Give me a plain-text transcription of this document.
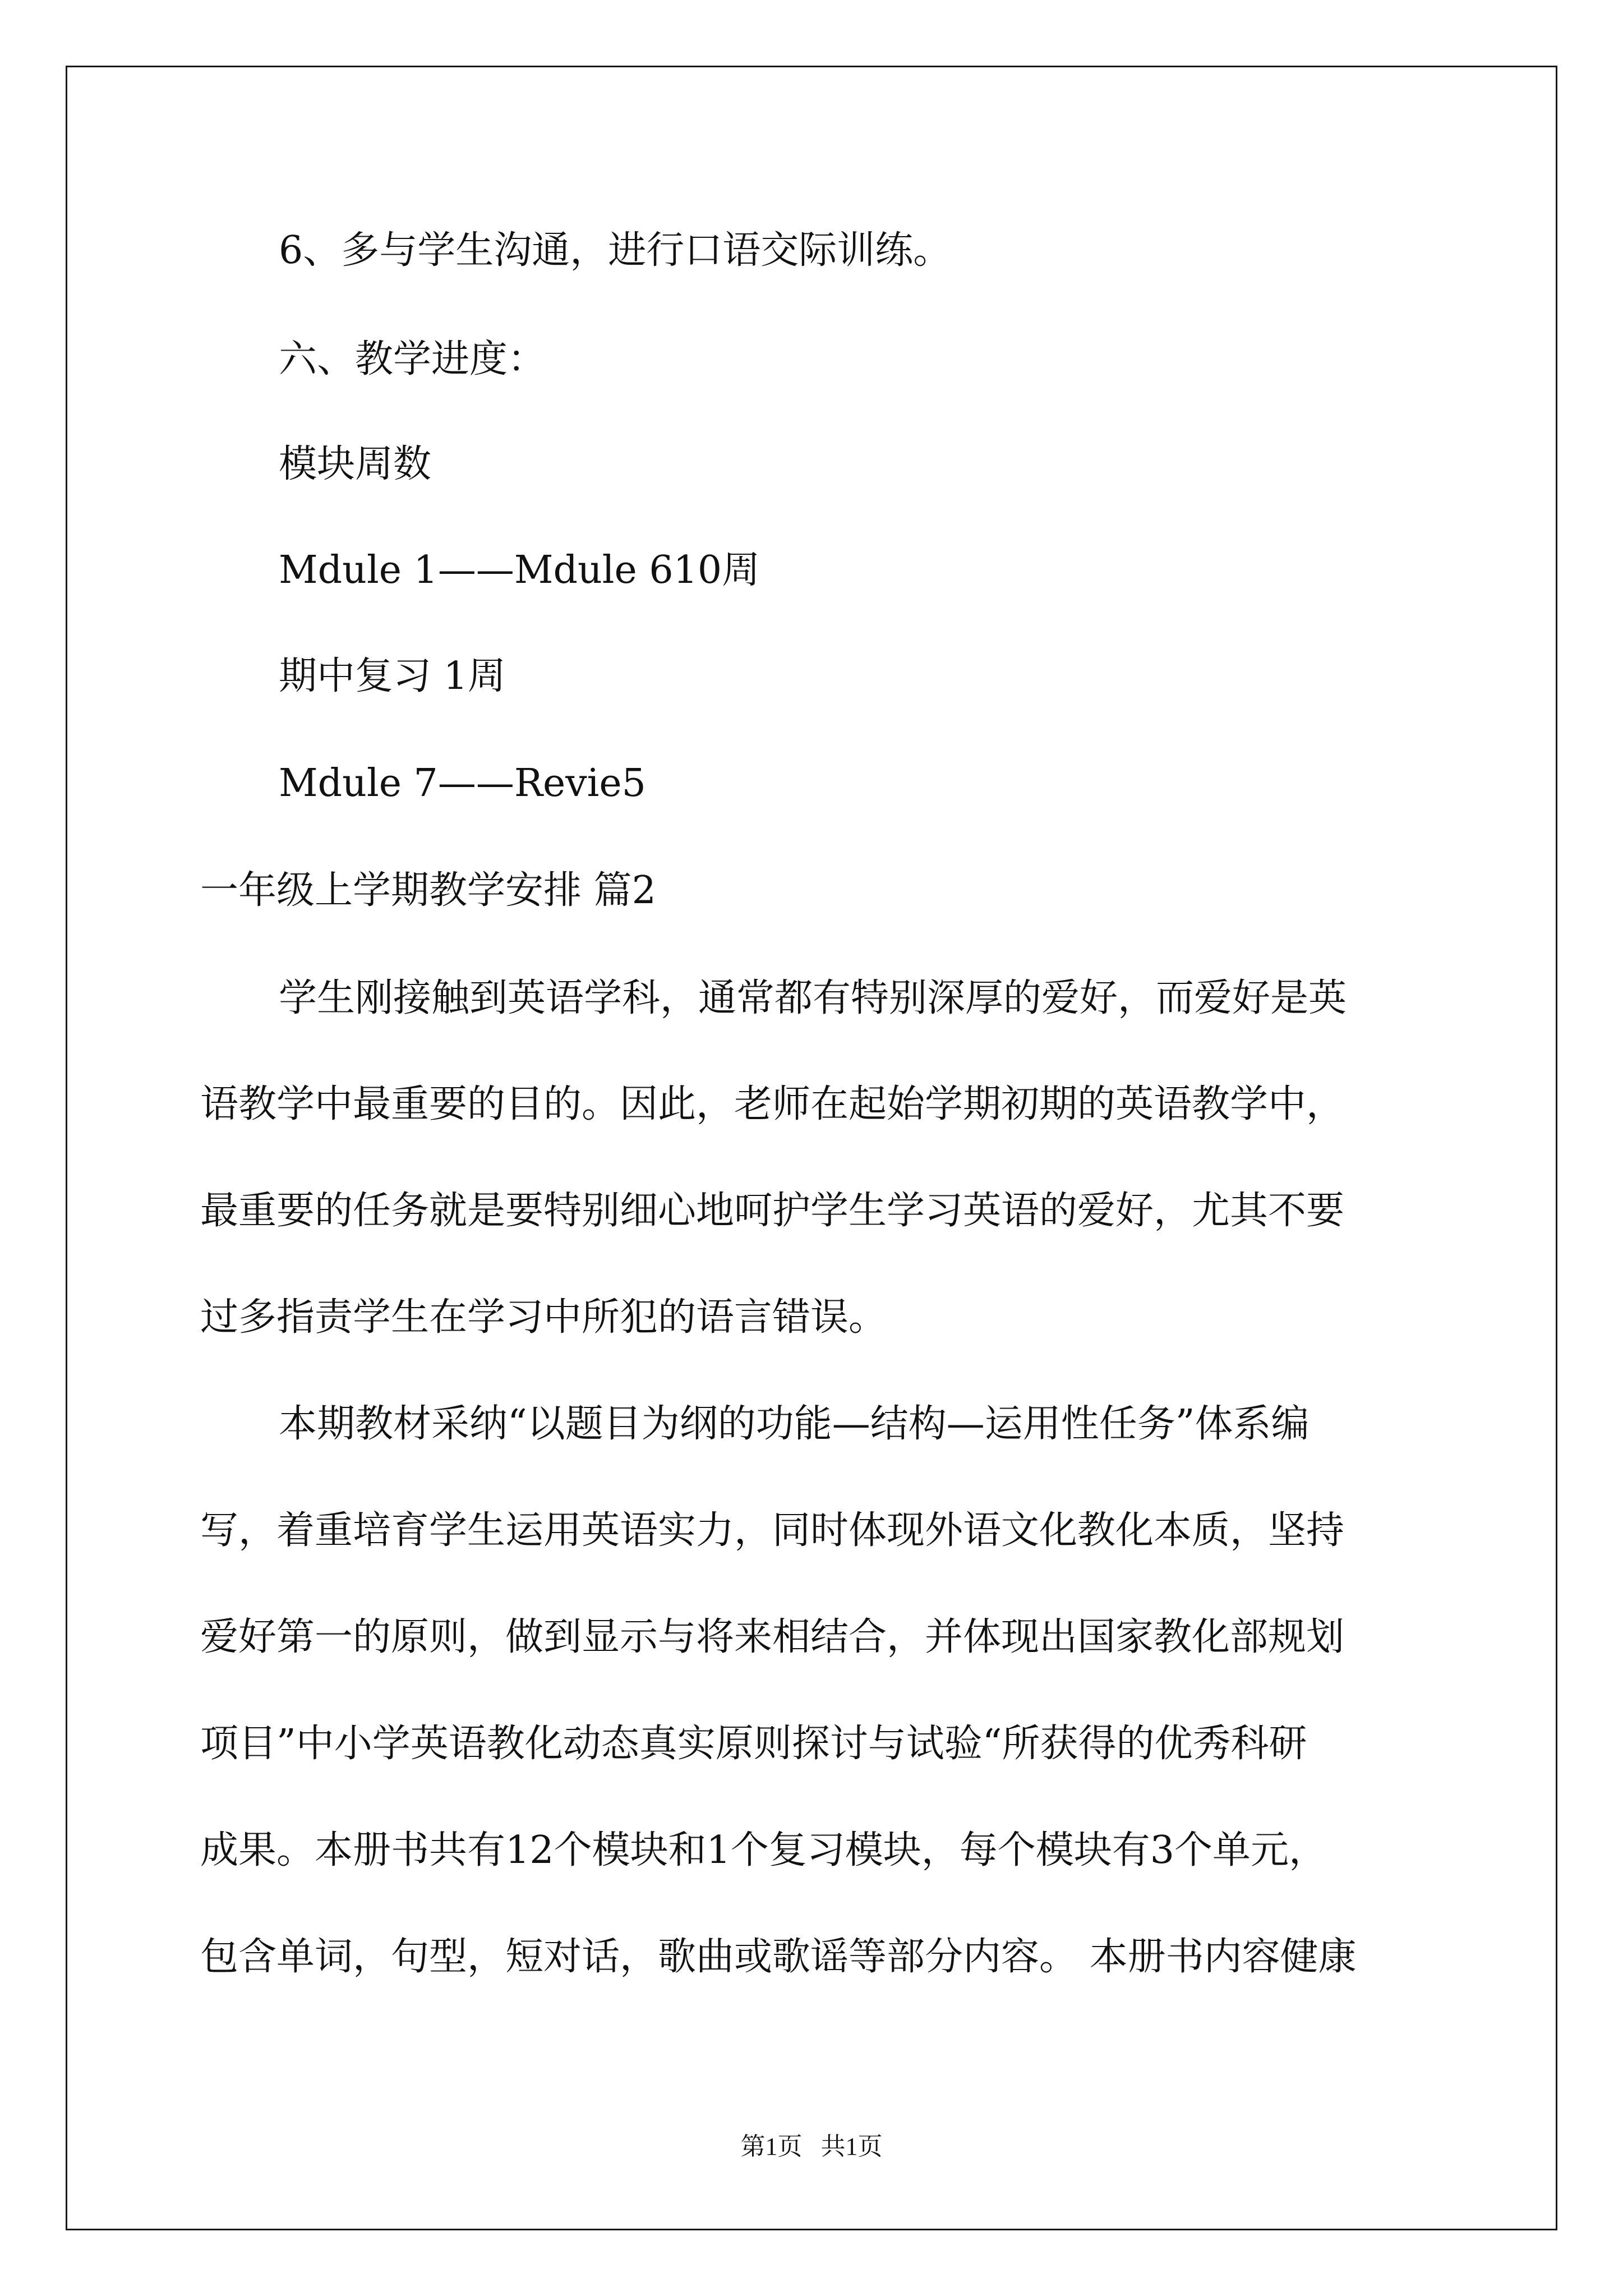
6、多与学生沟通，进行口语交际训练。

六、教学进度：

模块周数

Mdule 1——Mdule 610周

期中复习 1周

Mdule 7——Revie5

一年级上学期教学安排 篇2

学生刚接触到英语学科，通常都有特别深厚的爱好，而爱好是英

语教学中最重要的目的。因此，老师在起始学期初期的英语教学中，

最重要的任务就是要特别细心地呵护学生学习英语的爱好，尤其不要

过多指责学生在学习中所犯的语言错误。

本期教材采纳“以题目为纲的功能—结构—运用性任务”体系编

写，着重培育学生运用英语实力，同时体现外语文化教化本质，坚持

爱好第一的原则，做到显示与将来相结合，并体现出国家教化部规划

项目”中小学英语教化动态真实原则探讨与试验“所获得的优秀科研

成果。本册书共有12个模块和1个复习模块，每个模块有3个单元，

包含单词，句型，短对话，歌曲或歌谣等部分内容。 本册书内容健康

第1页   共1页
